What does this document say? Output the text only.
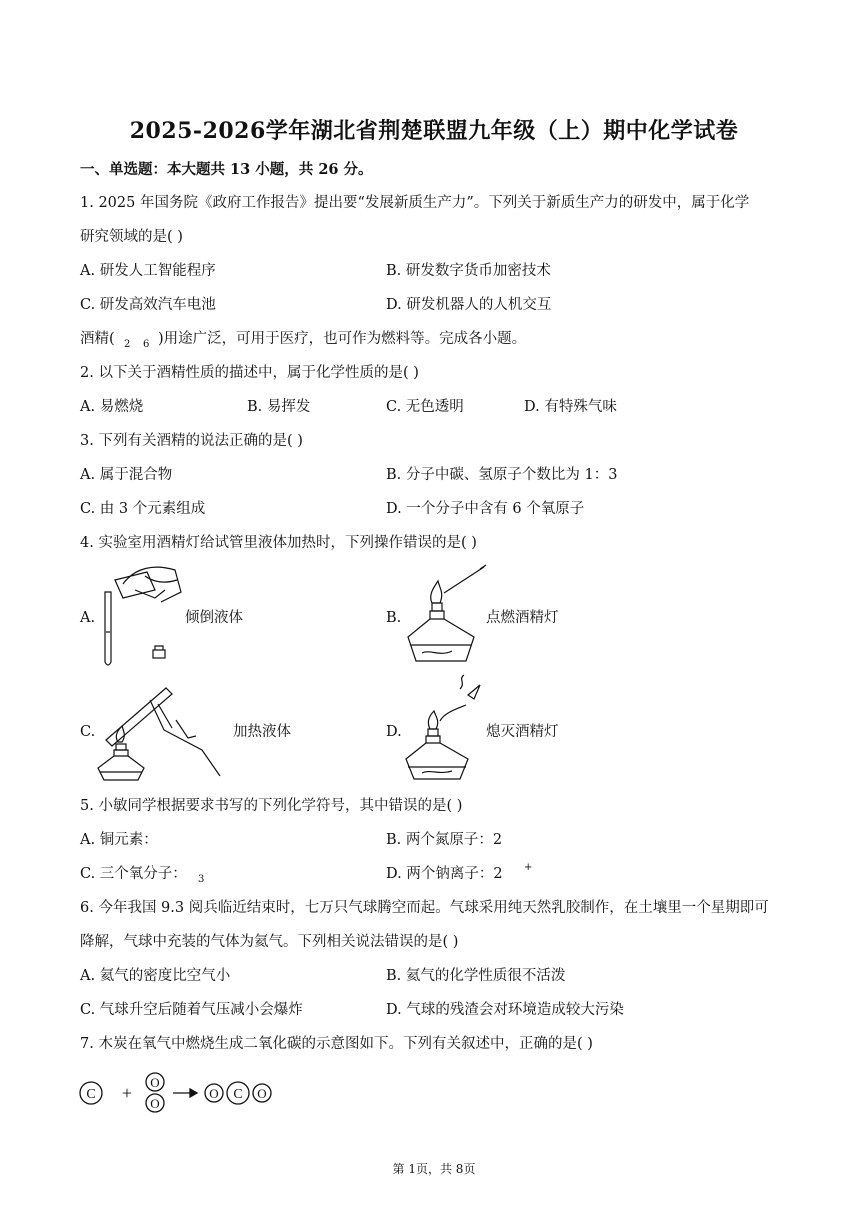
2025-2026学年湖北省荆楚联盟九年级（上）期中化学试卷
一、单选题：本大题共 13 小题，共 26 分。
1. 2025 年国务院《政府工作报告》提出要“发展新质生产力”。下列关于新质生产力的研发中，属于化学
研究领域的是( )
A. 研发人工智能程序	B. 研发数字货币加密技术
C. 研发高效汽车电池	D. 研发机器人的人机交互
酒精( 2 6 )用途广泛，可用于医疗，也可作为燃料等。完成各小题。
2. 以下关于酒精性质的描述中，属于化学性质的是( )
A. 易燃烧	B. 易挥发	C. 无色透明	D. 有特殊气味
3. 下列有关酒精的说法正确的是( )
A. 属于混合物	B. 分子中碳、氢原子个数比为 1：3
C. 由 3 个元素组成	D. 一个分子中含有 6 个氧原子
4. 实验室用酒精灯给试管里液体加热时，下列操作错误的是( )
A.	倾倒液体	B.	点燃酒精灯
C.	加热液体	D.	熄灭酒精灯
5. 小敏同学根据要求书写的下列化学符号，其中错误的是( )
A. 铜元素：	B. 两个氮原子：2
C. 三个氧分子： 3	D. 两个钠离子：2 +
6. 今年我国 9.3 阅兵临近结束时，七万只气球腾空而起。气球采用纯天然乳胶制作，在土壤里一个星期即可
降解，气球中充装的气体为氦气。下列相关说法错误的是( )
A. 氦气的密度比空气小	B. 氦气的化学性质很不活泼
C. 气球升空后随着气压减小会爆炸	D. 气球的残渣会对环境造成较大污染
7. 木炭在氧气中燃烧生成二氧化碳的示意图如下。下列有关叙述中，正确的是( )
C +
O
O
O C O
第 1页，共 8页
